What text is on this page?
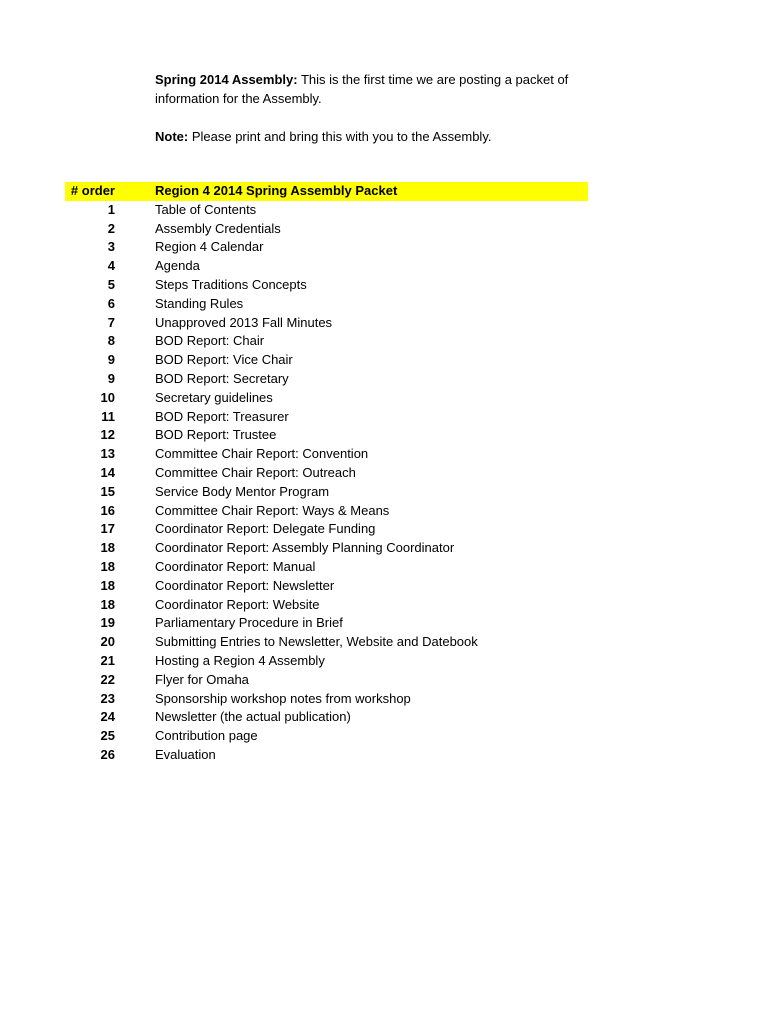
Spring 2014 Assembly: This is the first time we are posting a packet of information for the Assembly.

Note: Please print and bring this with you to the Assembly.

# order	Region 4 2014 Spring Assembly Packet
1	Table of Contents
2	Assembly Credentials
3	Region 4 Calendar
4	Agenda
5	Steps Traditions Concepts
6	Standing Rules
7	Unapproved 2013 Fall Minutes
8	BOD Report: Chair
9	BOD Report: Vice Chair
9	BOD Report: Secretary
10	Secretary guidelines
11	BOD Report: Treasurer
12	BOD Report: Trustee
13	Committee Chair Report: Convention
14	Committee Chair Report: Outreach
15	Service Body Mentor Program
16	Committee Chair Report: Ways & Means
17	Coordinator Report: Delegate Funding
18	Coordinator Report: Assembly Planning Coordinator
18	Coordinator Report: Manual
18	Coordinator Report: Newsletter
18	Coordinator Report: Website
19	Parliamentary Procedure in Brief
20	Submitting Entries to Newsletter, Website and Datebook
21	Hosting a Region 4 Assembly
22	Flyer for Omaha
23	Sponsorship workshop notes from workshop
24	Newsletter (the actual publication)
25	Contribution page
26	Evaluation
